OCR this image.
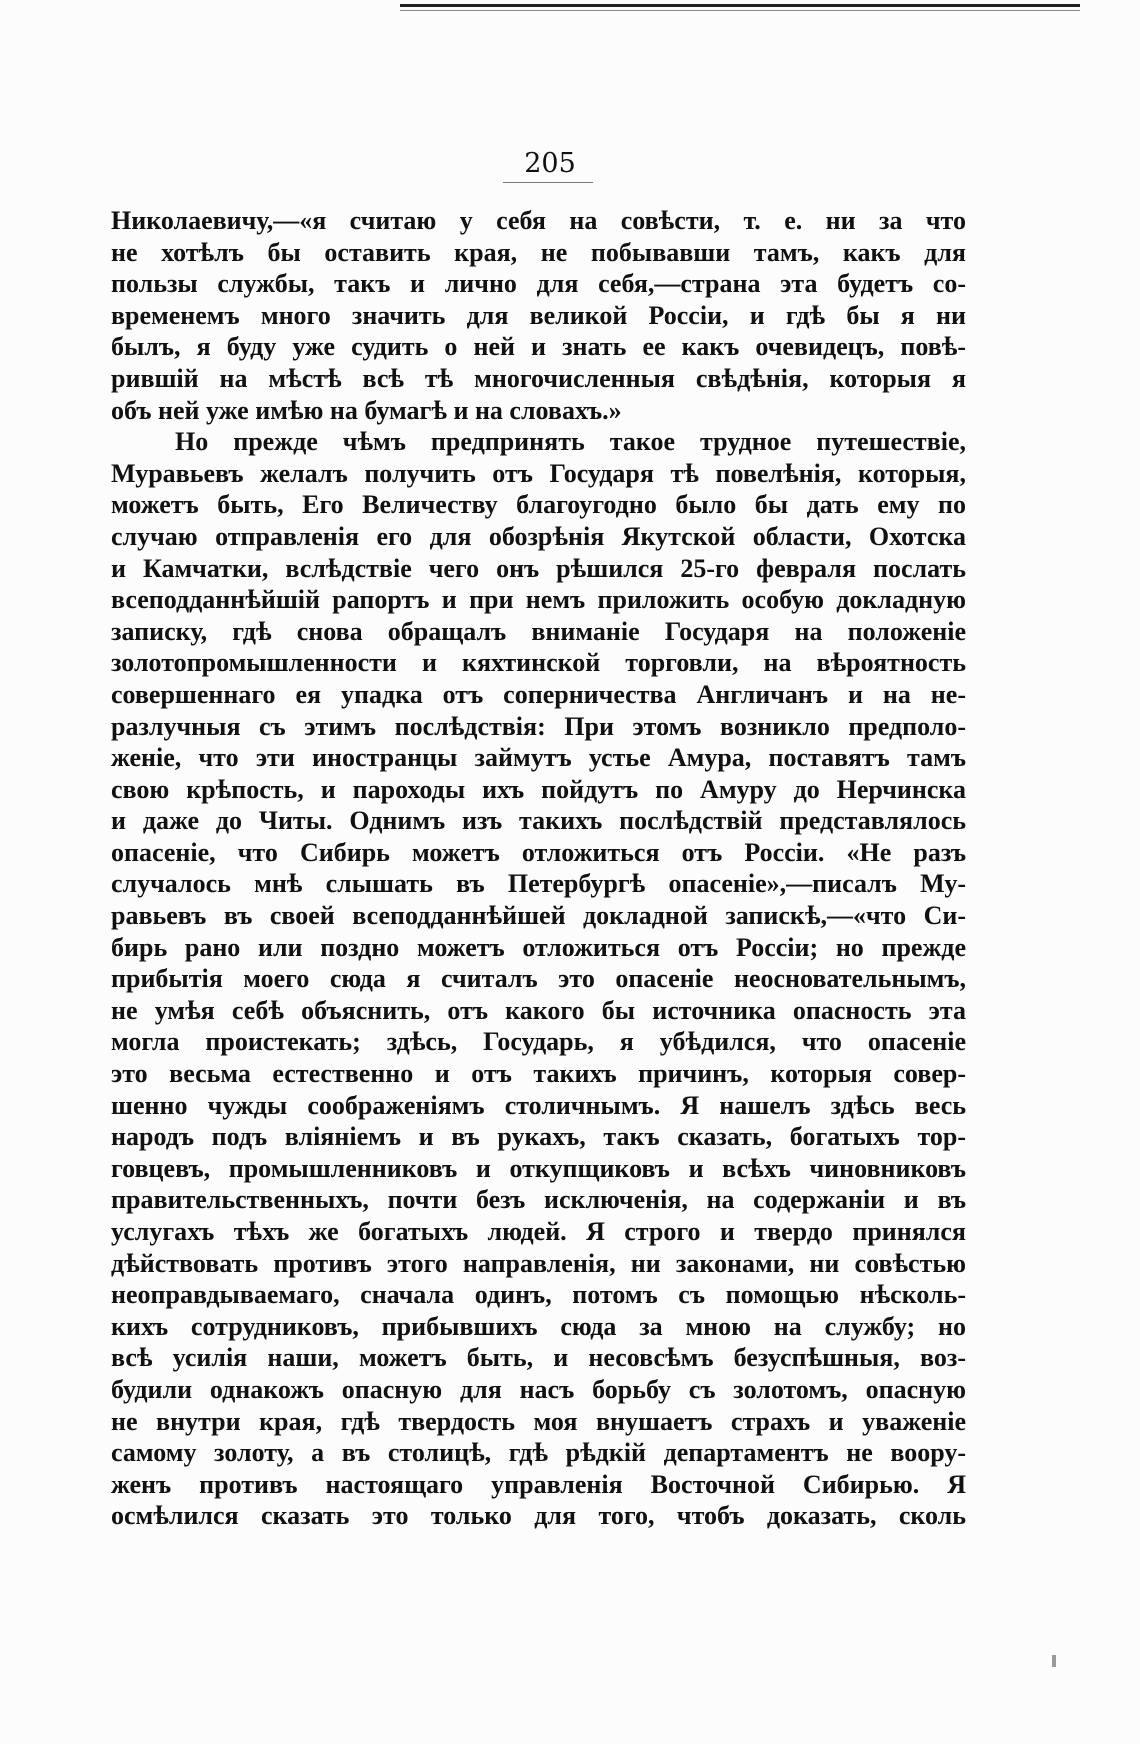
205
Николаевичу,—«я считаю у себя на совѣсти, т. е. ни за что
не хотѣлъ бы оставить края, не побывавши тамъ, какъ для
пользы службы, такъ и лично для себя,—страна эта будетъ со-
временемъ много значить для великой Россіи, и гдѣ бы я ни
былъ, я буду уже судить о ней и знать ее какъ очевидецъ, повѣ-
рившій на мѣстѣ всѣ тѣ многочисленныя свѣдѣнія, которыя я
объ ней уже имѣю на бумагѣ и на словахъ.»
Но прежде чѣмъ предпринять такое трудное путешествіе,
Муравьевъ желалъ получить отъ Государя тѣ повелѣнія, которыя,
можетъ быть, Его Величеству благоугодно было бы дать ему по
случаю отправленія его для обозрѣнія Якутской области, Охотска
и Камчатки, вслѣдствіе чего онъ рѣшился 25-го февраля послать
всеподданнѣйшій рапортъ и при немъ приложить особую докладную
записку, гдѣ снова обращалъ вниманіе Государя на положеніе
золотопромышленности и кяхтинской торговли, на вѣроятность
совершеннаго ея упадка отъ соперничества Англичанъ и на не-
разлучныя съ этимъ послѣдствія: При этомъ возникло предполо-
женіе, что эти иностранцы займутъ устье Амура, поставятъ тамъ
свою крѣпость, и пароходы ихъ пойдутъ по Амуру до Нерчинска
и даже до Читы. Однимъ изъ такихъ послѣдствій представлялось
опасеніе, что Сибирь можетъ отложиться отъ Россіи. «Не разъ
случалось мнѣ слышать въ Петербургѣ опасеніе»,—писалъ Му-
равьевъ въ своей всеподданнѣйшей докладной запискѣ,—«что Си-
бирь рано или поздно можетъ отложиться отъ Россіи; но прежде
прибытія моего сюда я считалъ это опасеніе неосновательнымъ,
не умѣя себѣ объяснить, отъ какого бы источника опасность эта
могла проистекать; здѣсь, Государь, я убѣдился, что опасеніе
это весьма естественно и отъ такихъ причинъ, которыя совер-
шенно чужды соображеніямъ столичнымъ. Я нашелъ здѣсь весь
народъ подъ вліяніемъ и въ рукахъ, такъ сказать, богатыхъ тор-
говцевъ, промышленниковъ и откупщиковъ и всѣхъ чиновниковъ
правительственныхъ, почти безъ исключенія, на содержаніи и въ
услугахъ тѣхъ же богатыхъ людей. Я строго и твердо принялся
дѣйствовать противъ этого направленія, ни законами, ни совѣстью
неоправдываемаго, сначала одинъ, потомъ съ помощью нѣсколь-
кихъ сотрудниковъ, прибывшихъ сюда за мною на службу; но
всѣ усилія наши, можетъ быть, и несовсѣмъ безуспѣшныя, воз-
будили однакожъ опасную для насъ борьбу съ золотомъ, опасную
не внутри края, гдѣ твердость моя внушаетъ страхъ и уваженіе
самому золоту, а въ столицѣ, гдѣ рѣдкій департаментъ не воору-
женъ противъ настоящаго управленія Восточной Сибирью. Я
осмѣлился сказать это только для того, чтобъ доказать, сколь
